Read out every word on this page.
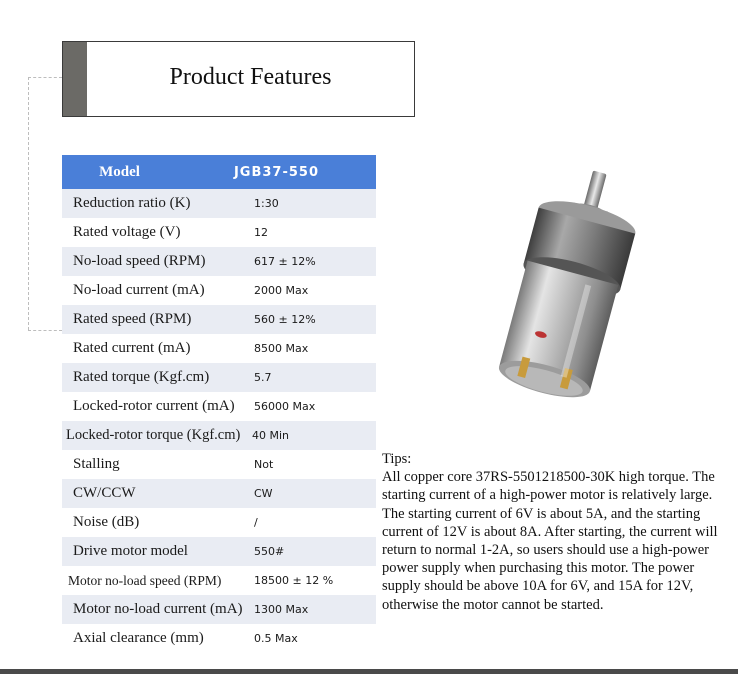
Product Features
Model	JGB37-550
Reduction ratio (K)	1:30
Rated voltage (V)	12
No-load speed (RPM)	617 ± 12%
No-load current (mA)	2000 Max
Rated speed (RPM)	560 ± 12%
Rated current (mA)	8500 Max
Rated torque (Kgf.cm)	5.7
Locked-rotor current (mA)	56000 Max
Locked-rotor torque (Kgf.cm)	40 Min
Stalling	Not
CW/CCW	CW
Noise (dB)	/
Drive motor model	550#
Motor no-load speed (RPM)	18500 ± 12 %
Motor no-load current (mA)	1300 Max
Axial clearance (mm)	0.5 Max
Tips:
All copper core 37RS-5501218500-30K high torque. The starting current of a high-power motor is relatively large. The starting current of 6V is about 5A, and the starting current of 12V is about 8A. After starting, the current will return to normal 1-2A, so users should use a high-power power supply when purchasing this motor. The power supply should be above 10A for 6V, and 15A for 12V, otherwise the motor cannot be started.
